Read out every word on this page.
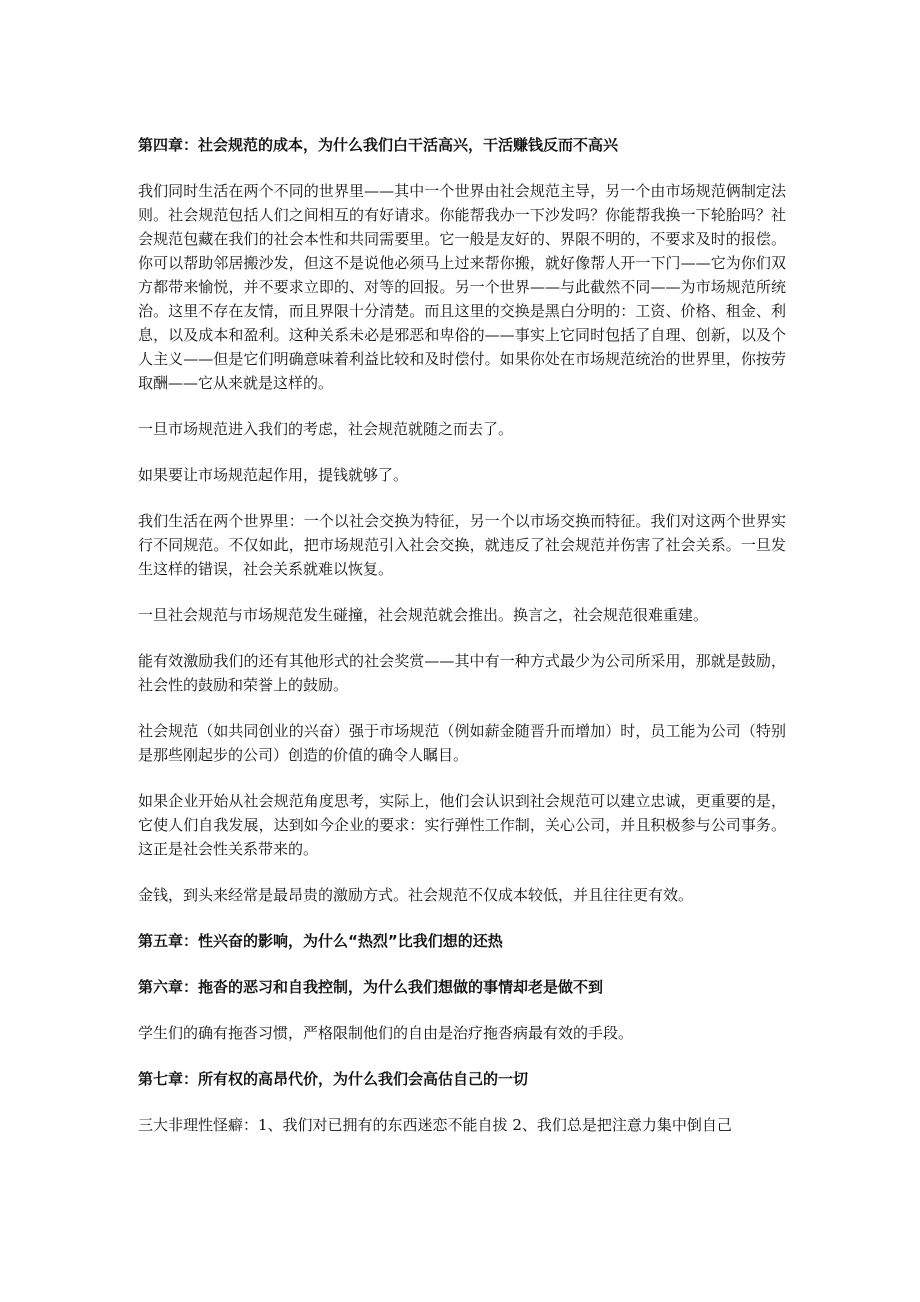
第四章：社会规范的成本，为什么我们白干活高兴，干活赚钱反而不高兴
我们同时生活在两个不同的世界里——其中一个世界由社会规范主导，另一个由市场规范俩制定法则。社会规范包括人们之间相互的有好请求。你能帮我办一下沙发吗？你能帮我换一下轮胎吗？社会规范包藏在我们的社会本性和共同需要里。它一般是友好的、界限不明的，不要求及时的报偿。你可以帮助邻居搬沙发，但这不是说他必须马上过来帮你搬，就好像帮人开一下门——它为你们双方都带来愉悦，并不要求立即的、对等的回报。另一个世界——与此截然不同——为市场规范所统治。这里不存在友情，而且界限十分清楚。而且这里的交换是黑白分明的：工资、价格、租金、利息，以及成本和盈利。这种关系未必是邪恶和卑俗的——事实上它同时包括了自理、创新，以及个人主义——但是它们明确意味着利益比较和及时偿付。如果你处在市场规范统治的世界里，你按劳取酬——它从来就是这样的。
一旦市场规范进入我们的考虑，社会规范就随之而去了。
如果要让市场规范起作用，提钱就够了。
我们生活在两个世界里：一个以社会交换为特征，另一个以市场交换而特征。我们对这两个世界实行不同规范。不仅如此，把市场规范引入社会交换，就违反了社会规范并伤害了社会关系。一旦发生这样的错误，社会关系就难以恢复。
一旦社会规范与市场规范发生碰撞，社会规范就会推出。换言之，社会规范很难重建。
能有效激励我们的还有其他形式的社会奖赏——其中有一种方式最少为公司所采用，那就是鼓励，社会性的鼓励和荣誉上的鼓励。
社会规范（如共同创业的兴奋）强于市场规范（例如薪金随晋升而增加）时，员工能为公司（特别是那些刚起步的公司）创造的价值的确令人瞩目。
如果企业开始从社会规范角度思考，实际上，他们会认识到社会规范可以建立忠诚，更重要的是，它使人们自我发展，达到如今企业的要求：实行弹性工作制，关心公司，并且积极参与公司事务。这正是社会性关系带来的。
金钱，到头来经常是最昂贵的激励方式。社会规范不仅成本较低，并且往往更有效。
第五章：性兴奋的影响，为什么“热烈”比我们想的还热
第六章：拖沓的恶习和自我控制，为什么我们想做的事情却老是做不到
学生们的确有拖沓习惯，严格限制他们的自由是治疗拖沓病最有效的手段。
第七章：所有权的高昂代价，为什么我们会高估自己的一切
三大非理性怪癖：1、我们对已拥有的东西迷恋不能自拔 2、我们总是把注意力集中倒自己
